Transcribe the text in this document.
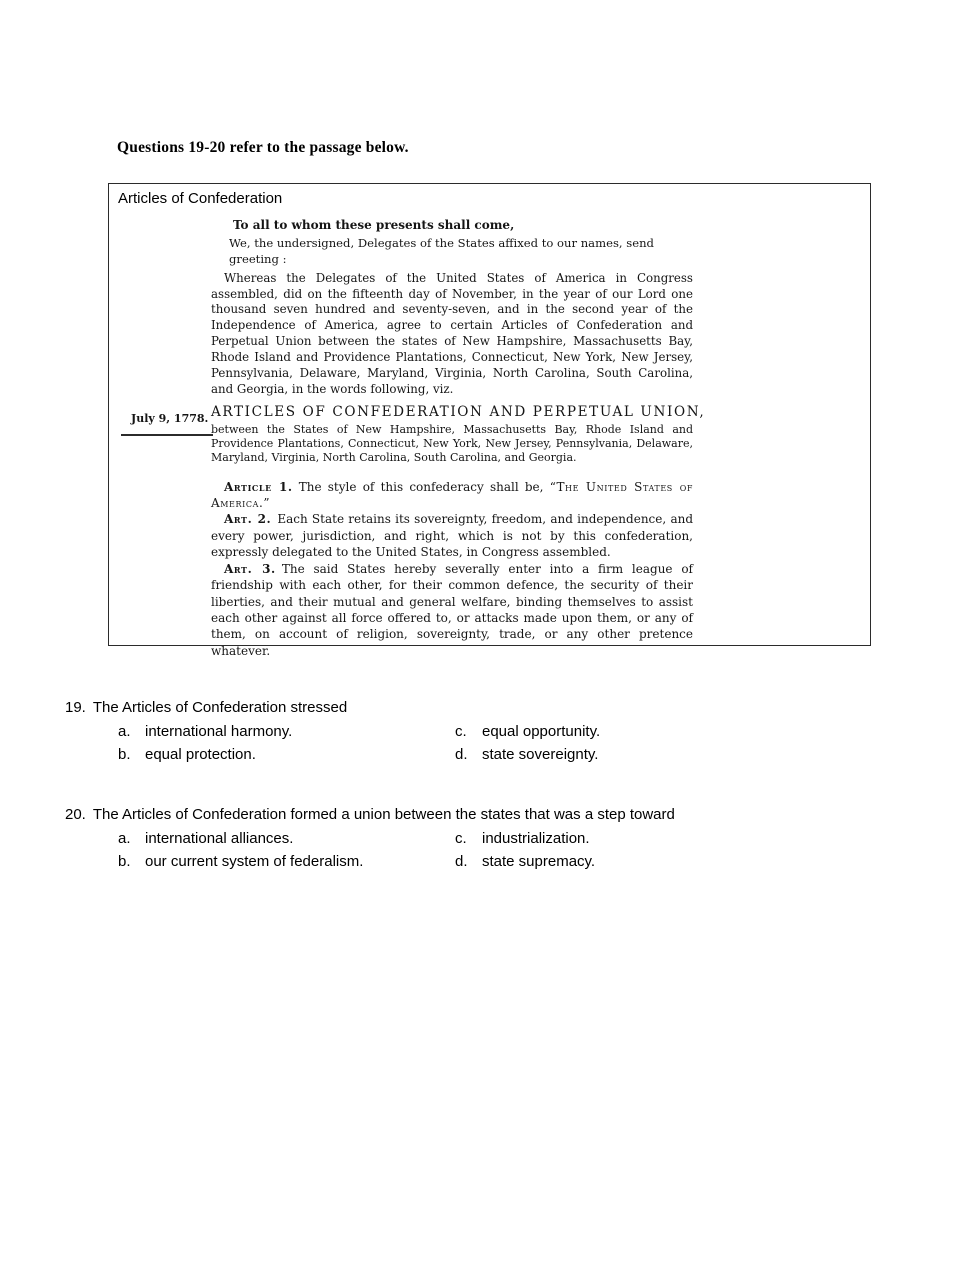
Questions 19-20 refer to the passage below.

Articles of Confederation
July 9, 1778.

To all to whom these presents shall come,

We, the undersigned, Delegates of the States affixed to our names, send greeting :

Whereas the Delegates of the United States of America in Congress assembled, did on the fifteenth day of November, in the year of our Lord one thousand seven hundred and seventy-seven, and in the second year of the Independence of America, agree to certain Articles of Confederation and Perpetual Union between the states of New Hampshire, Massachusetts Bay, Rhode Island and Providence Plantations, Connecticut, New York, New Jersey, Pennsylvania, Delaware, Maryland, Virginia, North Carolina, South Carolina, and Georgia, in the words following, viz.

ARTICLES OF CONFEDERATION AND PERPETUAL UNION,

between the States of New Hampshire, Massachusetts Bay, Rhode Island and Providence Plantations, Connecticut, New York, New Jersey, Pennsylvania, Delaware, Maryland, Virginia, North Carolina, South Carolina, and Georgia.

Article 1. The style of this confederacy shall be, “The United States of America.”

Art. 2. Each State retains its sovereignty, freedom, and independence, and every power, jurisdiction, and right, which is not by this confederation, expressly delegated to the United States, in Congress assembled.

Art. 3. The said States hereby severally enter into a firm league of friendship with each other, for their common defence, the security of their liberties, and their mutual and general welfare, binding themselves to assist each other against all force offered to, or attacks made upon them, or any of them, on account of religion, sovereignty, trade, or any other pretence whatever.

19. The Articles of Confederation stressed
a. international harmony.
b. equal protection.
c. equal opportunity.
d. state sovereignty.
20. The Articles of Confederation formed a union between the states that was a step toward
a. international alliances.
b. our current system of federalism.
c. industrialization.
d. state supremacy.
